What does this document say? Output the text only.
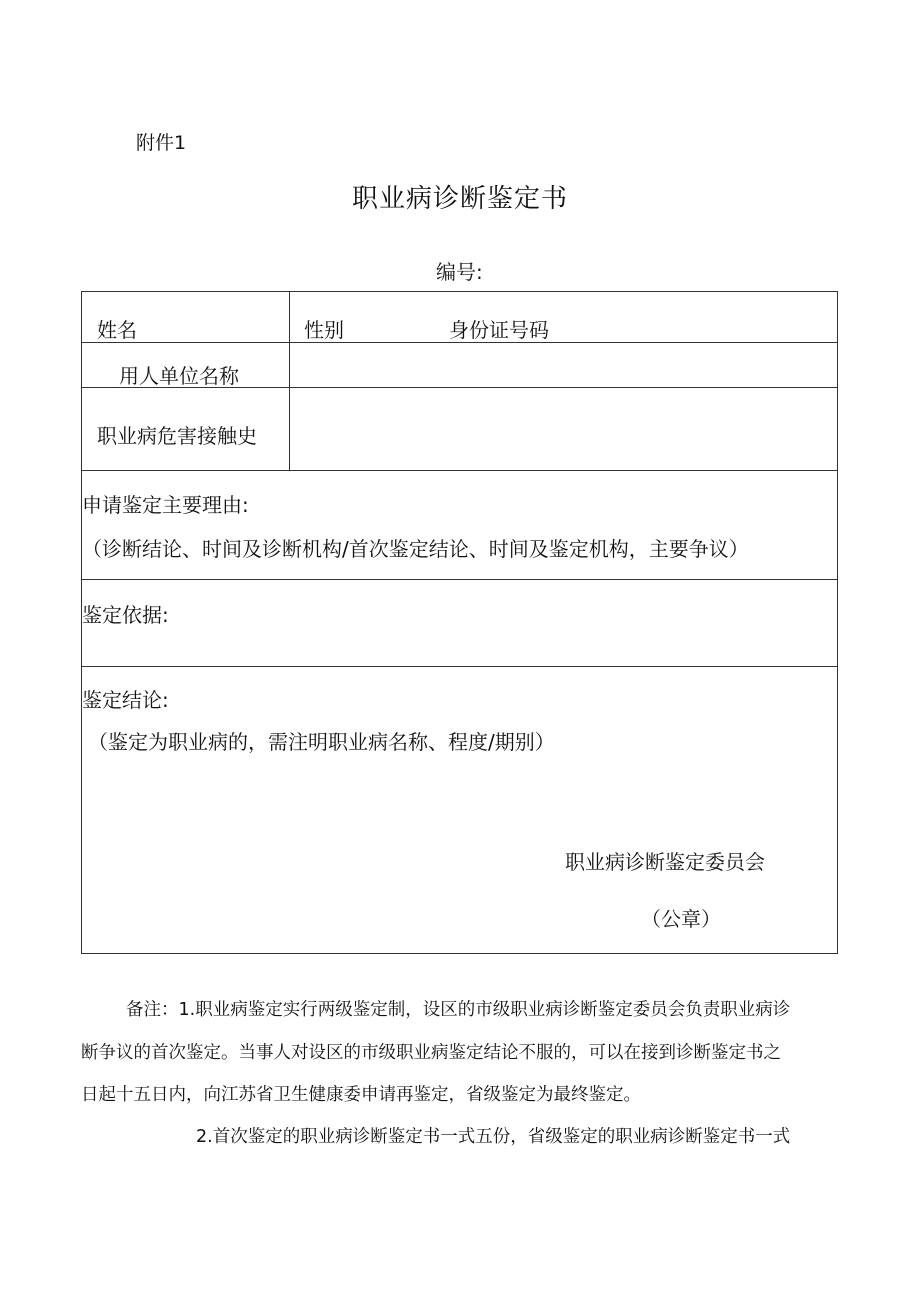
附件1
职业病诊断鉴定书
编号:
姓名	性别	身份证号码
用人单位名称
职业病危害接触史
申请鉴定主要理由:
（诊断结论、时间及诊断机构/首次鉴定结论、时间及鉴定机构，主要争议）
鉴定依据:
鉴定结论:
（鉴定为职业病的，需注明职业病名称、程度/期别）
职业病诊断鉴定委员会
（公章）
备注：1.职业病鉴定实行两级鉴定制，设区的市级职业病诊断鉴定委员会负责职业病诊
断争议的首次鉴定。当事人对设区的市级职业病鉴定结论不服的，可以在接到诊断鉴定书之
日起十五日内，向江苏省卫生健康委申请再鉴定，省级鉴定为最终鉴定。
2.首次鉴定的职业病诊断鉴定书一式五份，省级鉴定的职业病诊断鉴定书一式
